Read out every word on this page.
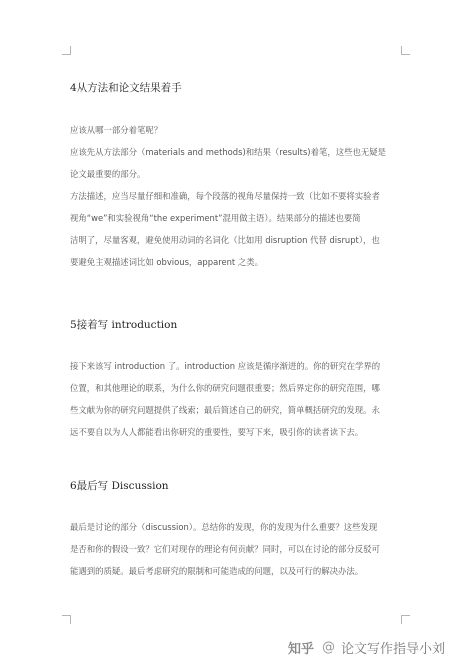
4从方法和论文结果着手
应该从哪一部分着笔呢？
应该先从方法部分（materials and methods)和结果（results)着笔，这些也无疑是
论文最重要的部分。
方法描述，应当尽量仔细和准确，每个段落的视角尽量保持一致（比如不要将实验者
视角“we”和实验视角“the experiment”混用做主语）。结果部分的描述也要简
洁明了，尽量客观，避免使用动词的名词化（比如用 disruption 代替 disrupt），也
要避免主观描述词比如 obvious，apparent 之类。
5接着写 introduction
接下来该写 introduction 了。introduction 应该是循序渐进的。你的研究在学界的
位置，和其他理论的联系，为什么你的研究问题很重要；然后界定你的研究范围，哪
些文献为你的研究问题提供了线索；最后简述自己的研究，简单概括研究的发现。永
远不要自以为人人都能看出你研究的重要性，要写下来，吸引你的读者读下去。
6最后写 Discussion
最后是讨论的部分（discussion）。总结你的发现，你的发现为什么重要？这些发现
是否和你的假设一致？它们对现存的理论有何贡献？同时，可以在讨论的部分反驳可
能遇到的质疑。最后考虑研究的限制和可能造成的问题，以及可行的解决办法。
知乎 @ 论文写作指导小刘
